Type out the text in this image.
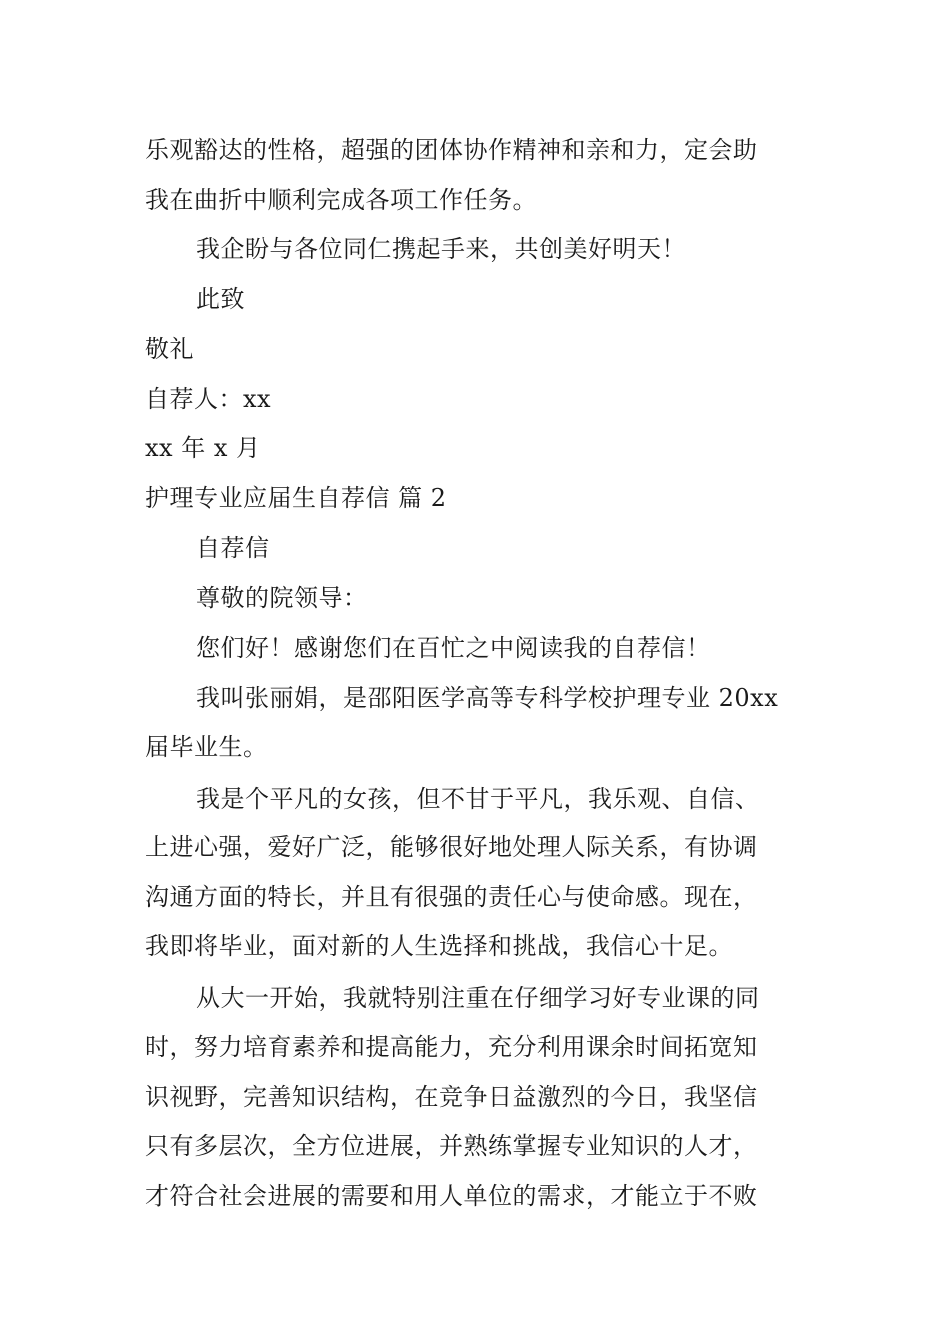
乐观豁达的性格，超强的团体协作精神和亲和力，定会助
我在曲折中顺利完成各项工作任务。
我企盼与各位同仁携起手来，共创美好明天！
此致
敬礼
自荐人：xx
xx 年 x 月
护理专业应届生自荐信 篇 2
自荐信
尊敬的院领导：
您们好！感谢您们在百忙之中阅读我的自荐信！
我叫张丽娟，是邵阳医学高等专科学校护理专业 20xx
届毕业生。
我是个平凡的女孩，但不甘于平凡，我乐观、自信、
上进心强，爱好广泛，能够很好地处理人际关系，有协调
沟通方面的特长，并且有很强的责任心与使命感。现在，
我即将毕业，面对新的人生选择和挑战，我信心十足。
从大一开始，我就特别注重在仔细学习好专业课的同
时，努力培育素养和提高能力，充分利用课余时间拓宽知
识视野，完善知识结构，在竞争日益激烈的今日，我坚信
只有多层次，全方位进展，并熟练掌握专业知识的人才，
才符合社会进展的需要和用人单位的需求，才能立于不败
